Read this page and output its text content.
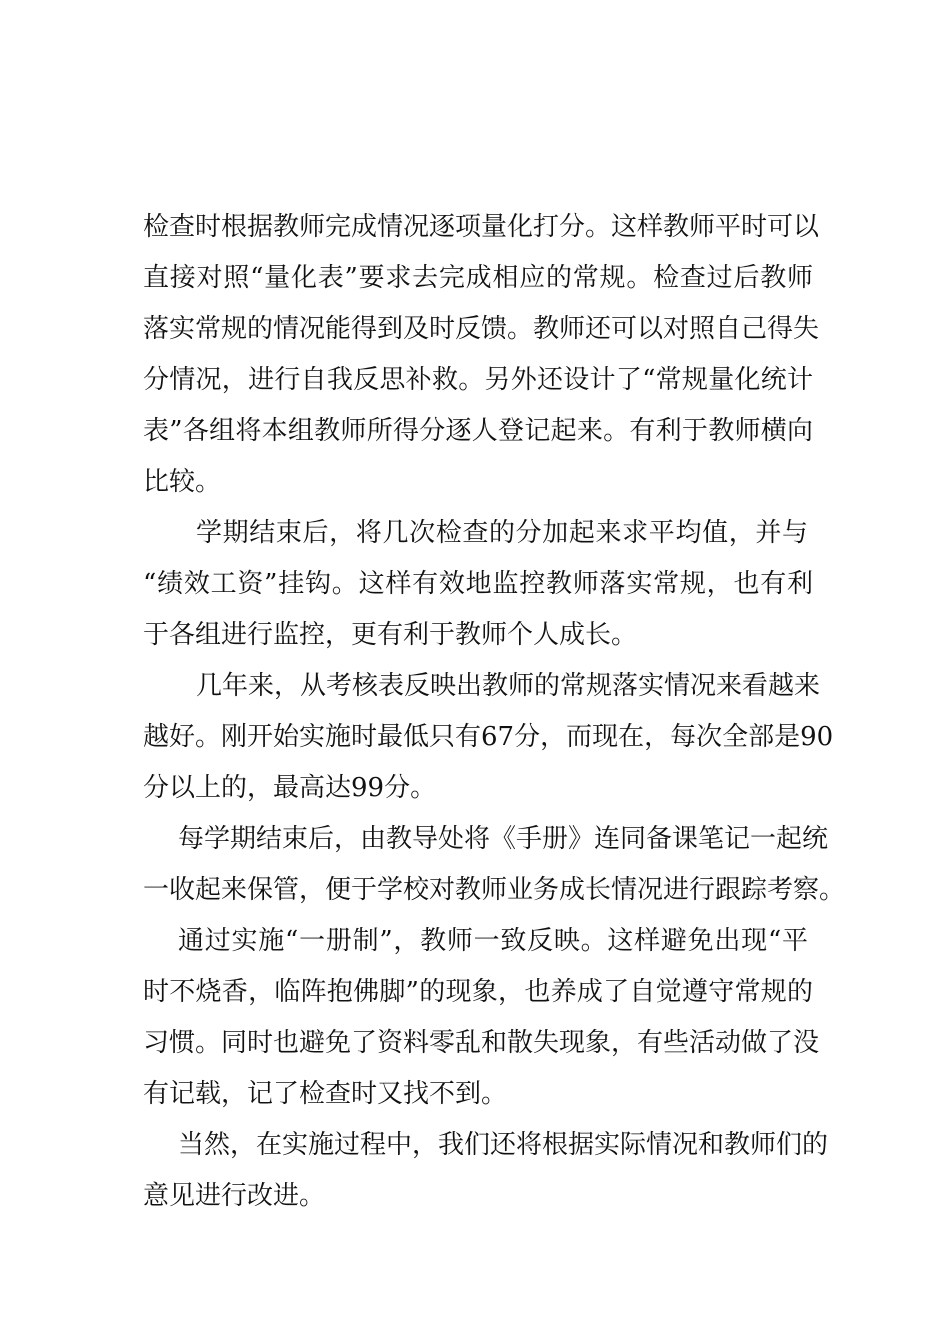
检查时根据教师完成情况逐项量化打分。这样教师平时可以
直接对照“量化表”要求去完成相应的常规。检查过后教师
落实常规的情况能得到及时反馈。教师还可以对照自己得失
分情况，进行自我反思补救。另外还设计了“常规量化统计
表”各组将本组教师所得分逐人登记起来。有利于教师横向
比较。
学期结束后，将几次检查的分加起来求平均值，并与
“绩效工资”挂钩。这样有效地监控教师落实常规，也有利
于各组进行监控，更有利于教师个人成长。
几年来，从考核表反映出教师的常规落实情况来看越来
越好。刚开始实施时最低只有67分，而现在，每次全部是90
分以上的，最高达99分。
每学期结束后，由教导处将《手册》连同备课笔记一起统
一收起来保管，便于学校对教师业务成长情况进行跟踪考察。
通过实施“一册制”，教师一致反映。这样避免出现“平
时不烧香，临阵抱佛脚”的现象，也养成了自觉遵守常规的
习惯。同时也避免了资料零乱和散失现象，有些活动做了没
有记载，记了检查时又找不到。
当然，在实施过程中，我们还将根据实际情况和教师们的
意见进行改进。
